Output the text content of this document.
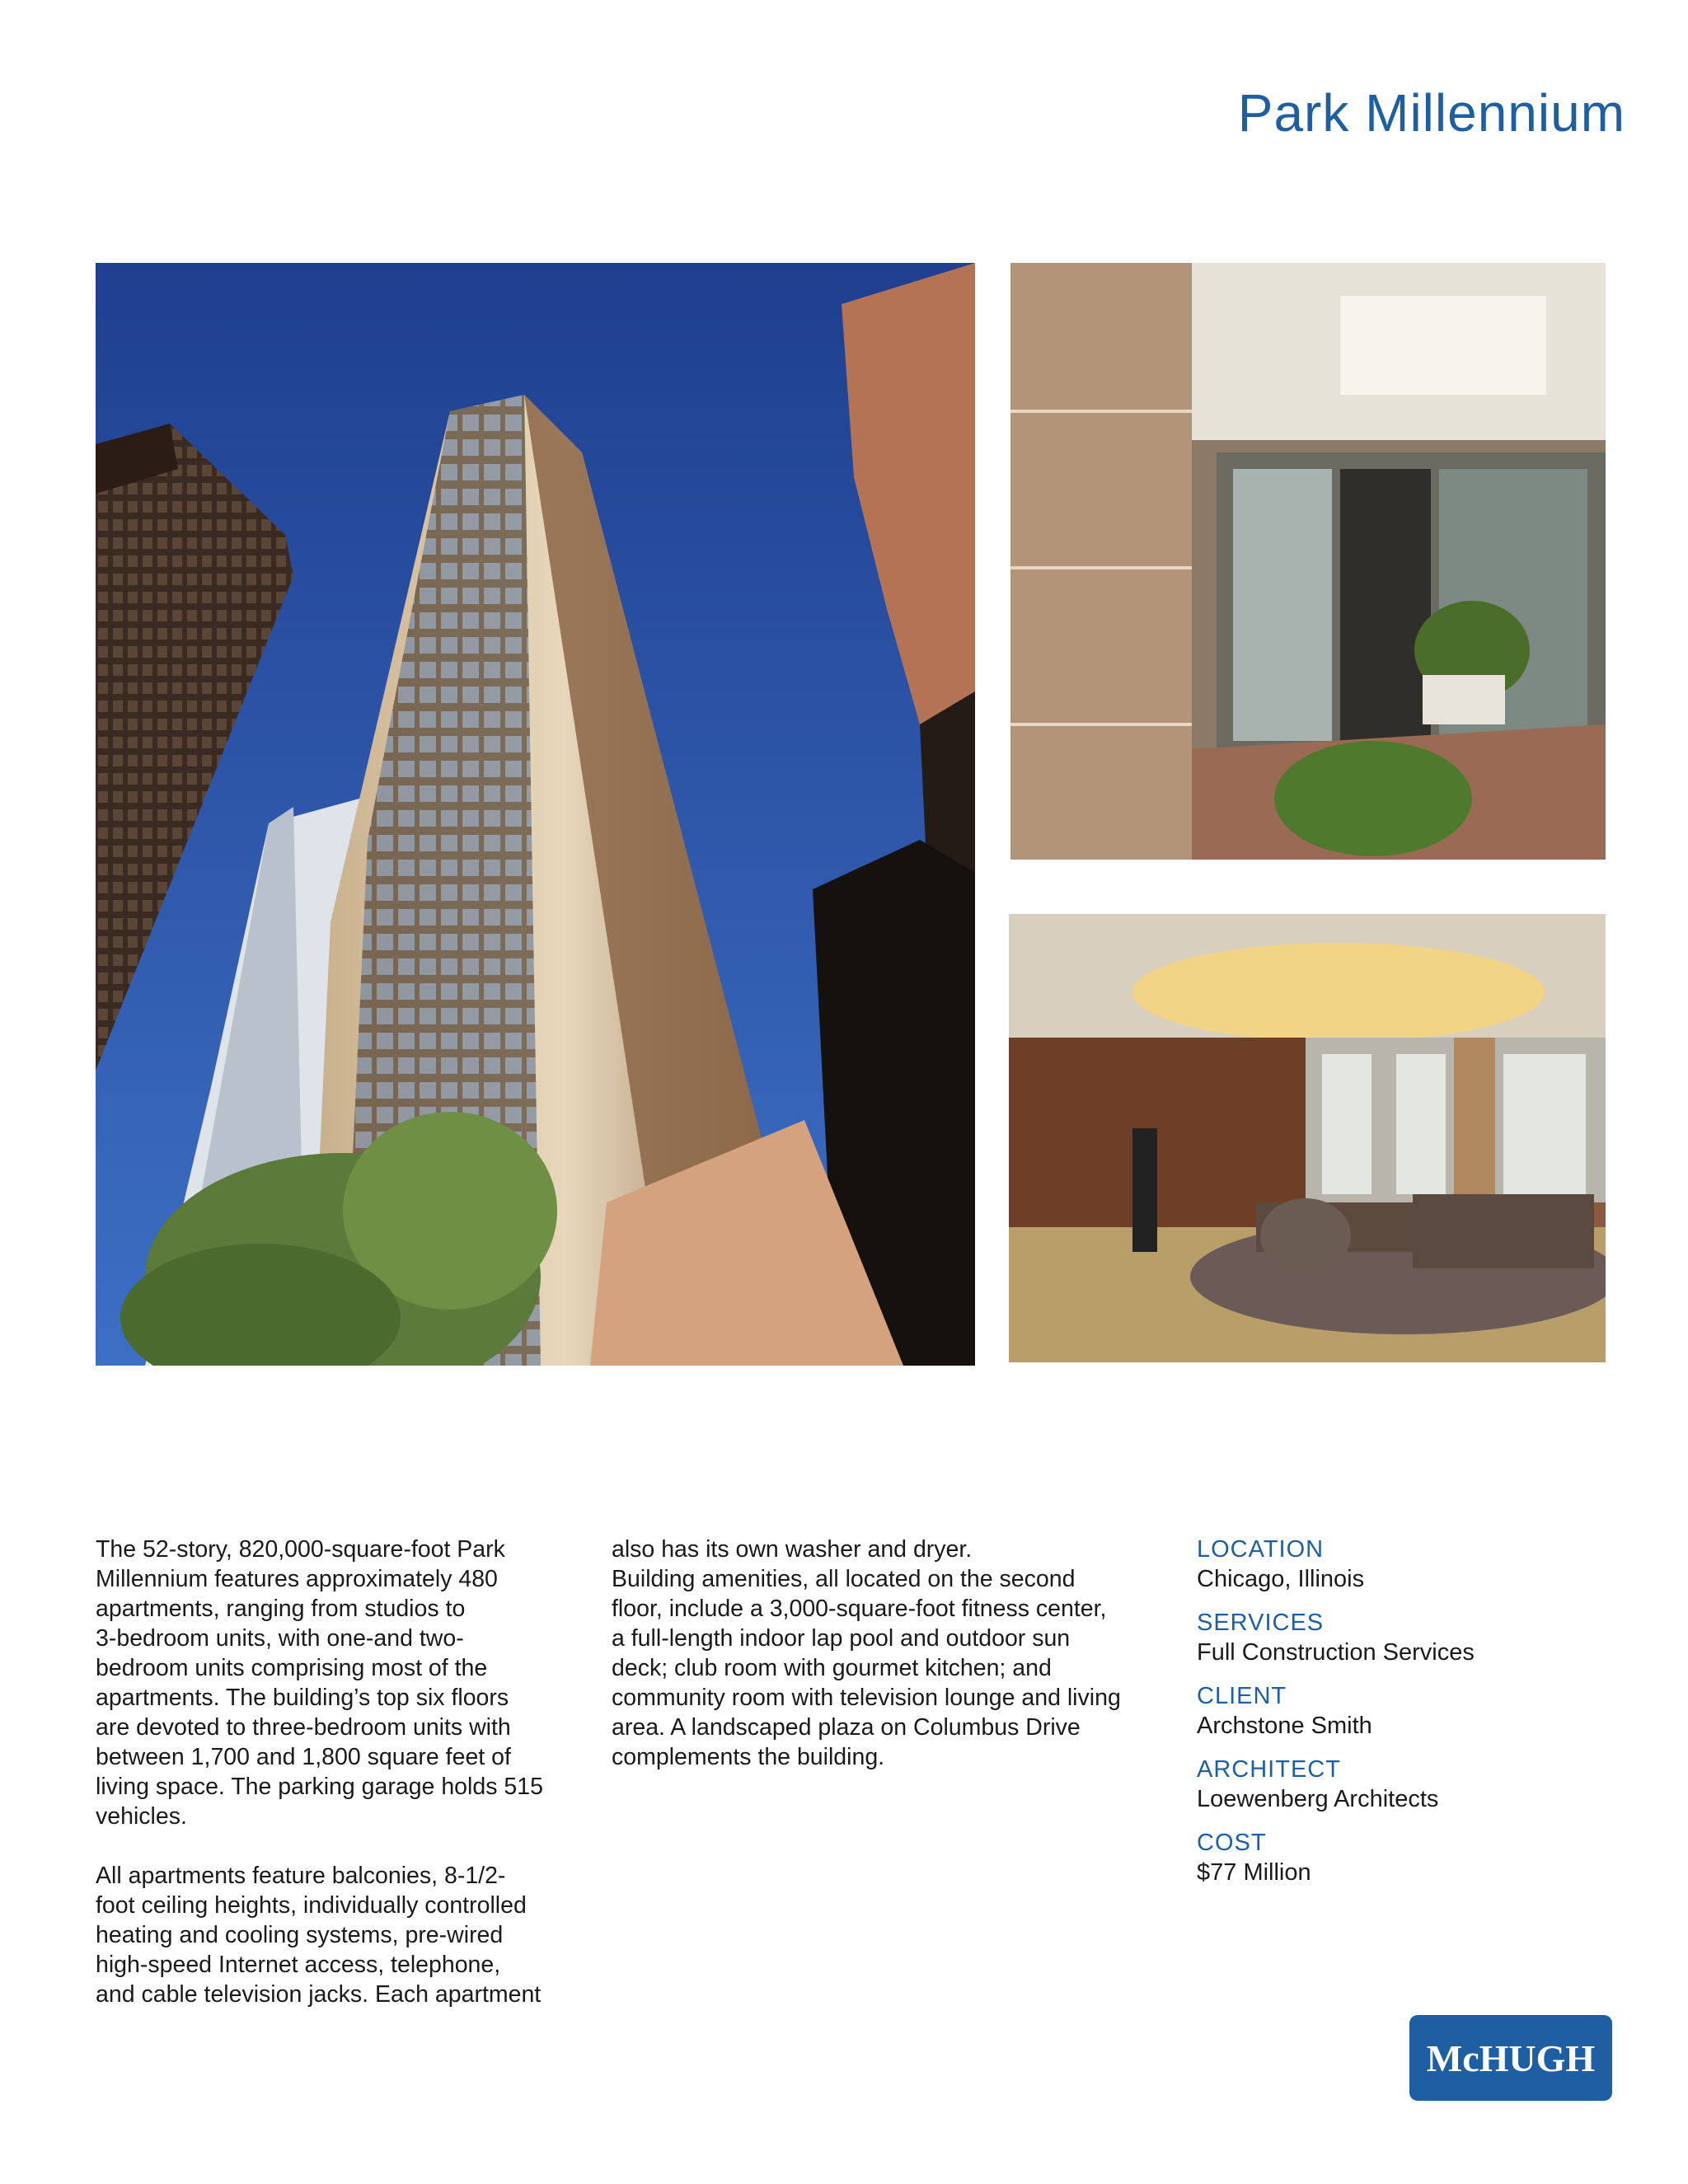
Park Millennium

The 52-story, 820,000-square-foot Park
Millennium features approximately 480
apartments, ranging from studios to
3-bedroom units, with one-and two-
bedroom units comprising most of the
apartments. The building’s top six floors
are devoted to three-bedroom units with
between 1,700 and 1,800 square feet of
living space. The parking garage holds 515
vehicles.

All apartments feature balconies, 8-1/2-
foot ceiling heights, individually controlled
heating and cooling systems, pre-wired
high-speed Internet access, telephone,
and cable television jacks. Each apartment

also has its own washer and dryer.
Building amenities, all located on the second
floor, include a 3,000-square-foot fitness center,
a full-length indoor lap pool and outdoor sun
deck; club room with gourmet kitchen; and
community room with television lounge and living
area. A landscaped plaza on Columbus Drive
complements the building.

LOCATION
Chicago, Illinois
SERVICES
Full Construction Services
CLIENT
Archstone Smith
ARCHITECT
Loewenberg Architects
COST
$77 Million
McHUGH
